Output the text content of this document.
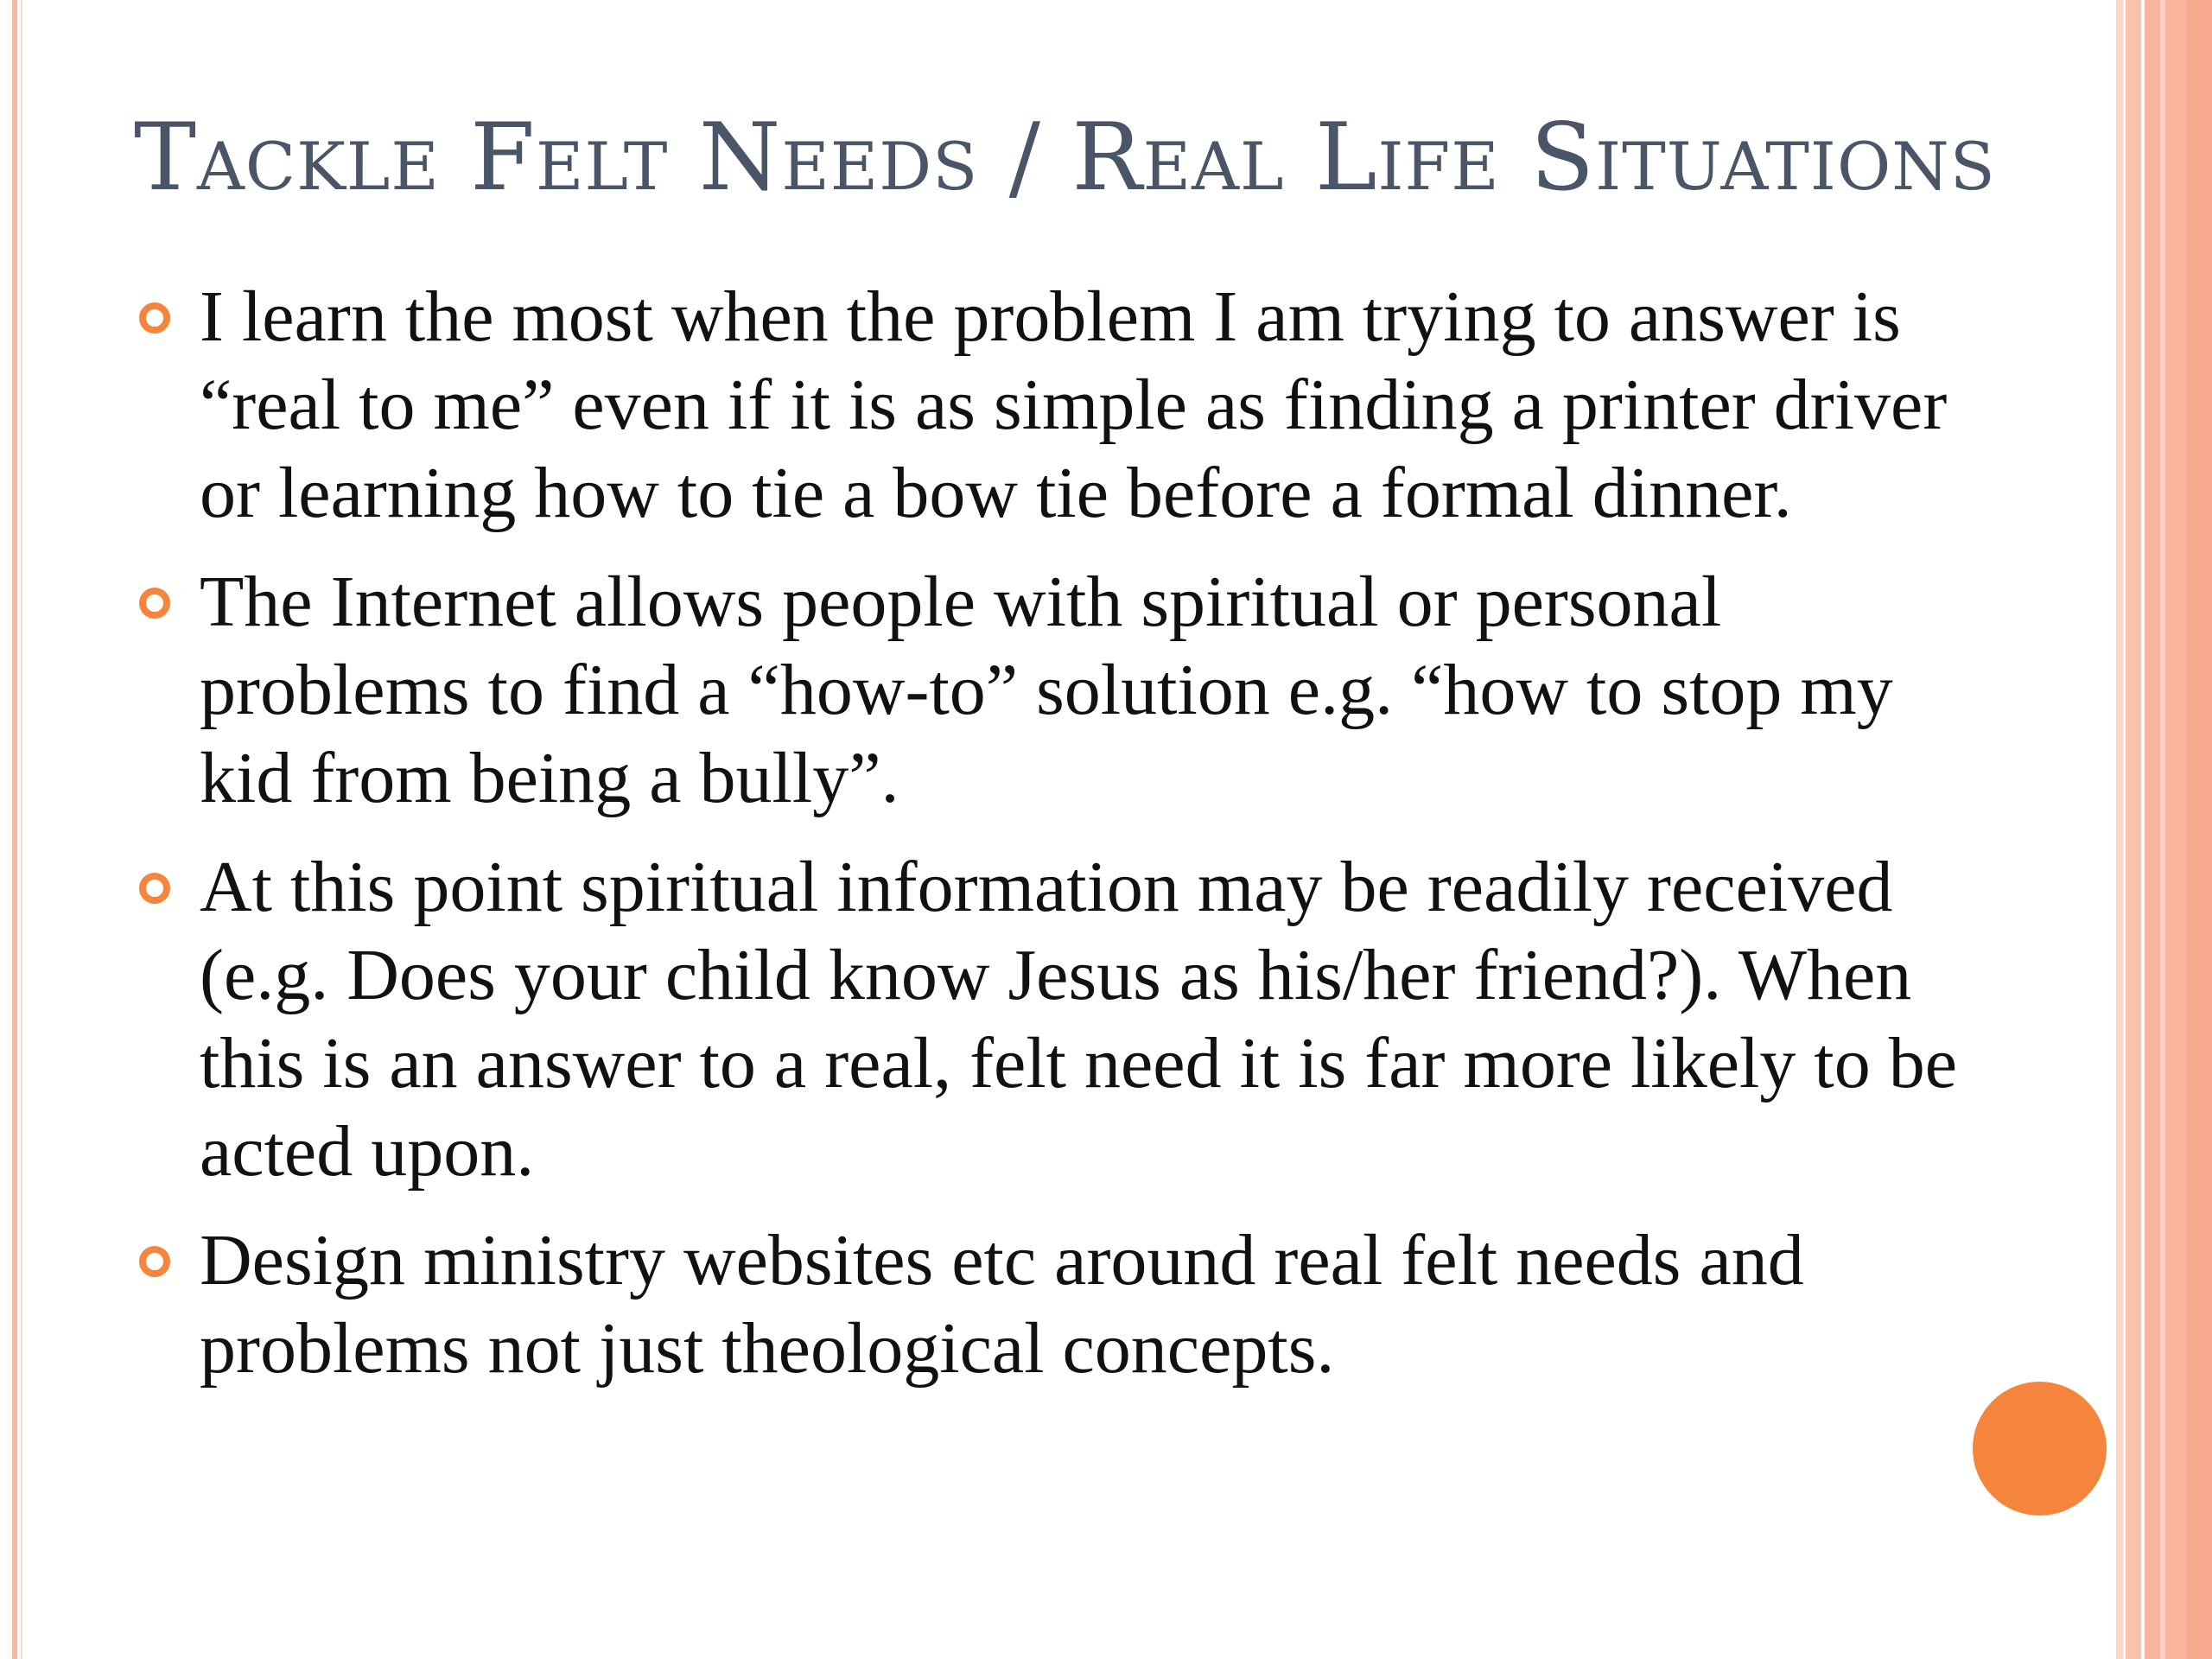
Tackle Felt Needs / Real Life Situations
I learn the most when the problem I am trying to answer is “real to me” even if it is as simple as finding a printer driver or learning how to tie a bow tie before a formal dinner.
The Internet allows people with spiritual or personal problems to find a “how-to” solution e.g. “how to stop my kid from being a bully”.
At this point spiritual information may be readily received (e.g. Does your child know Jesus as his/her friend?). When this is an answer to a real, felt need it is far more likely to be acted upon.
Design ministry websites etc around real felt needs and problems not just theological concepts.
